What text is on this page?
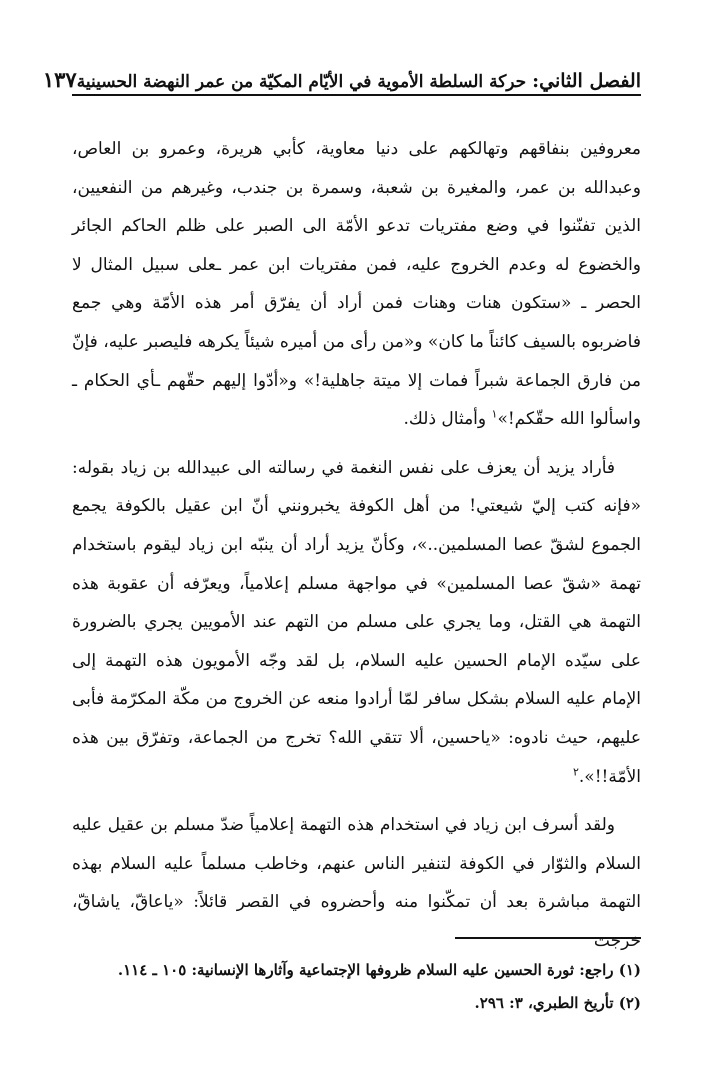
الفصل الثاني: حركة السلطة الأموية في الأيّام المكيّة من عمر النهضة الحسينية
١٣٧

معروفين بنفاقهم وتهالكهم على دنيا معاوية، كأبي هريرة، وعمرو بن العاص، وعبدالله بن عمر، والمغيرة بن شعبة، وسمرة بن جندب، وغيرهم من النفعيين، الذين تفنّنوا في وضع مفتريات تدعو الأمّة الى الصبر على ظلم الحاكم الجائر والخضوع له وعدم الخروج عليه، فمن مفتريات ابن عمر ـعلى سبيل المثال لا الحصر ـ «ستكون هنات وهنات فمن أراد أن يفرّق أمر هذه الأمّة وهي جمع فاضربوه بالسيف كائناً ما كان» و«من رأى من أميره شيئاً يكرهه فليصبر عليه، فإنّ من فارق الجماعة شبراً فمات إلا ميتة جاهلية!» و«أدّوا إليهم حقّهم ـأي الحكام ـ واسألوا الله حقّكم!»$^١$ وأمثال ذلك.

فأراد يزيد أن يعزف على نفس النغمة في رسالته الى عبيدالله بن زياد بقوله: «فإنه كتب إليّ شيعتي! من أهل الكوفة يخبرونني أنّ ابن عقيل بالكوفة يجمع الجموع لشقّ عصا المسلمين..»، وكأنّ يزيد أراد أن ينبّه ابن زياد ليقوم باستخدام تهمة «شقّ عصا المسلمين» في مواجهة مسلم إعلامياً، ويعرّفه أن عقوبة هذه التهمة هي القتل، وما يجري على مسلم من التهم عند الأمويين يجري بالضرورة على سيّده الإمام الحسين عليه السلام، بل لقد وجّه الأمويون هذه التهمة إلى الإمام عليه السلام بشكل سافر لمّا أرادوا منعه عن الخروج من مكّة المكرّمة فأبى عليهم، حيث نادوه: «ياحسين، ألا تتقي الله؟ تخرج من الجماعة، وتفرّق بين هذه الأمّة!!».$^٢$

ولقد أسرف ابن زياد في استخدام هذه التهمة إعلامياً ضدّ مسلم بن عقيل عليه السلام والثوّار في الكوفة لتنفير الناس عنهم، وخاطب مسلماً عليه السلام بهذه التهمة مباشرة بعد أن تمكّنوا منه وأحضروه في القصر قائلاً: «ياعاقّ، ياشاقّ، خرجت

(١) راجع: ثورة الحسين عليه السلام ظروفها الإجتماعية وآثارها الإنسانية: ١٠٥ ـ ١١٤.

(٢) تأريخ الطبري، ٣: ٢٩٦.
